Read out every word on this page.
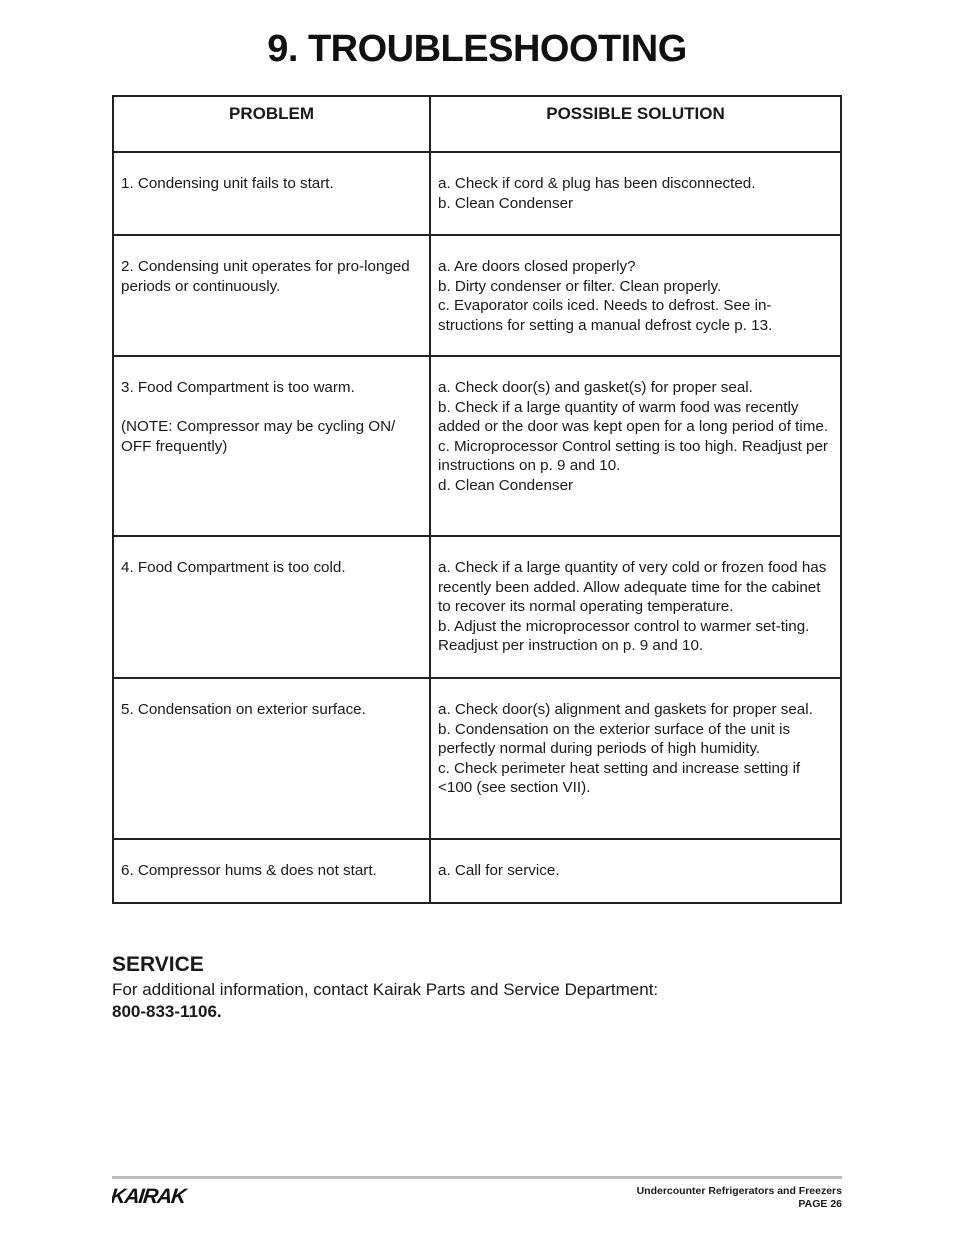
9. TROUBLESHOOTING
PROBLEM	POSSIBLE SOLUTION

1. Condensing unit fails to start.	a. Check if cord & plug has been disconnected.
b. Clean Condenser

2. Condensing unit operates for pro-longed periods or continuously.	a. Are doors closed properly?
b. Dirty condenser or filter. Clean properly.
c. Evaporator coils iced. Needs to defrost. See in-structions for setting a manual defrost cycle p. 13.

3. Food Compartment is too warm.
(NOTE: Compressor may be cycling ON/ OFF frequently)	a. Check door(s) and gasket(s) for proper seal.
b. Check if a large quantity of warm food was recently added or the door was kept open for a long period of time.
c. Microprocessor Control setting is too high. Readjust per instructions on p. 9 and 10.
d. Clean Condenser

4. Food Compartment is too cold.	a. Check if a large quantity of very cold or frozen food has recently been added. Allow adequate time for the cabinet to recover its normal operating temperature.
b. Adjust the microprocessor control to warmer set-ting. Readjust per instruction on p. 9 and 10.

5. Condensation on exterior surface.	a. Check door(s) alignment and gaskets for proper seal.
b. Condensation on the exterior surface of the unit is perfectly normal during periods of high humidity.
c. Check perimeter heat setting and increase setting if <100 (see section VII).

6. Compressor hums & does not start.	a. Call for service.
SERVICE
For additional information, contact Kairak Parts and Service Department:
800-833-1106.
KAIRAK	Undercounter Refrigerators and Freezers
PAGE 26
